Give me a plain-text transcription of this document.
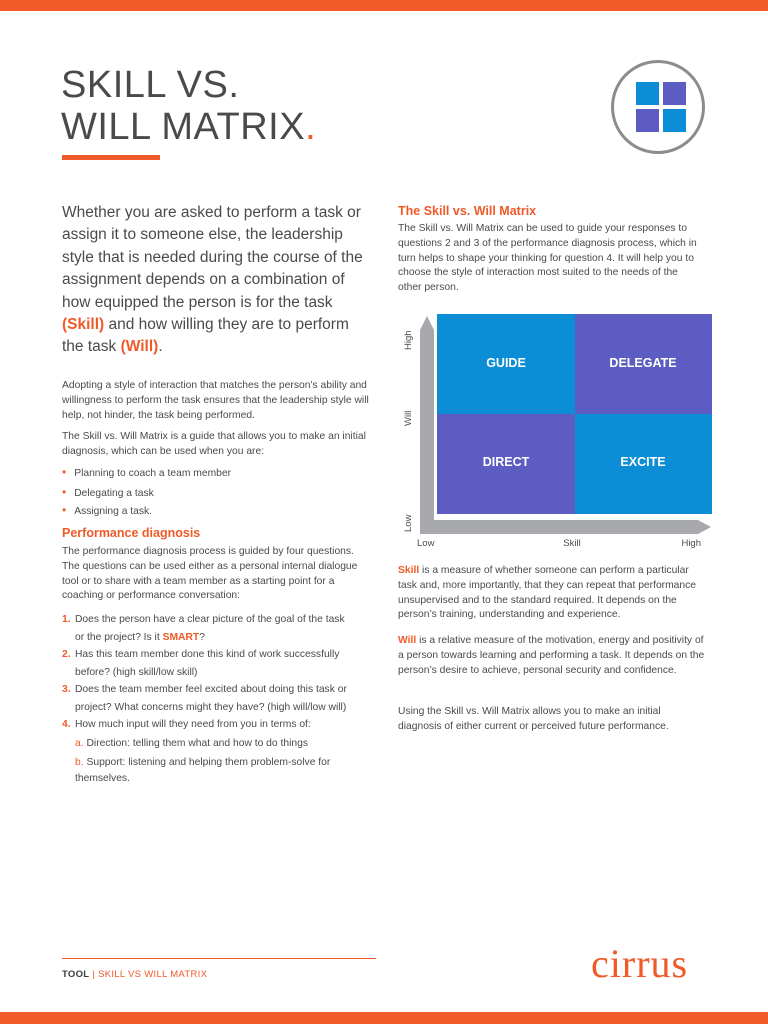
SKILL VS.
WILL MATRIX.

Whether you are asked to perform a task or assign it to someone else, the leadership style that is needed during the course of the assignment depends on a combination of how equipped the person is for the task (Skill) and how willing they are to perform the task (Will).

Adopting a style of interaction that matches the person’s ability and willingness to perform the task ensures that the leadership style will help, not hinder, the task being performed.

The Skill vs. Will Matrix is a guide that allows you to make an initial diagnosis, which can be used when you are:

• Planning to coach a team member

• Delegating a task

• Assigning a task.

Performance diagnosis

The performance diagnosis process is guided by four questions. The questions can be used either as a personal internal dialogue tool or to share with a team member as a starting point for a coaching or performance conversation:

1. Does the person have a clear picture of the goal of the task
or the project? Is it SMART?

2. Has this team member done this kind of work successfully
before? (high skill/low skill)

3. Does the team member feel excited about doing this task or
project? What concerns might they have? (high will/low will)

4. How much input will they need from you in terms of:

a. Direction: telling them what and how to do things

b. Support: listening and helping them problem-solve for themselves.

The Skill vs. Will Matrix

The Skill vs. Will Matrix can be used to guide your responses to questions 2 and 3 of the performance diagnosis process, which in turn helps to shape your thinking for question 4. It will help you to choose the style of interaction most suited to the needs of the other person.

GUIDE	DELEGATE
DIRECT	EXCITE
High
Will
Low
Low	Skill	High

Skill is a measure of whether someone can perform a particular task and, more importantly, that they can repeat that performance unsupervised and to the standard required. It depends on the person’s training, understanding and experience.

Will is a relative measure of the motivation, energy and positivity of a person towards learning and performing a task. It depends on the person’s desire to achieve, personal security and confidence.

Using the Skill vs. Will Matrix allows you to make an initial diagnosis of either current or perceived future performance.

TOOL | SKILL VS WILL MATRIX	cirrus
